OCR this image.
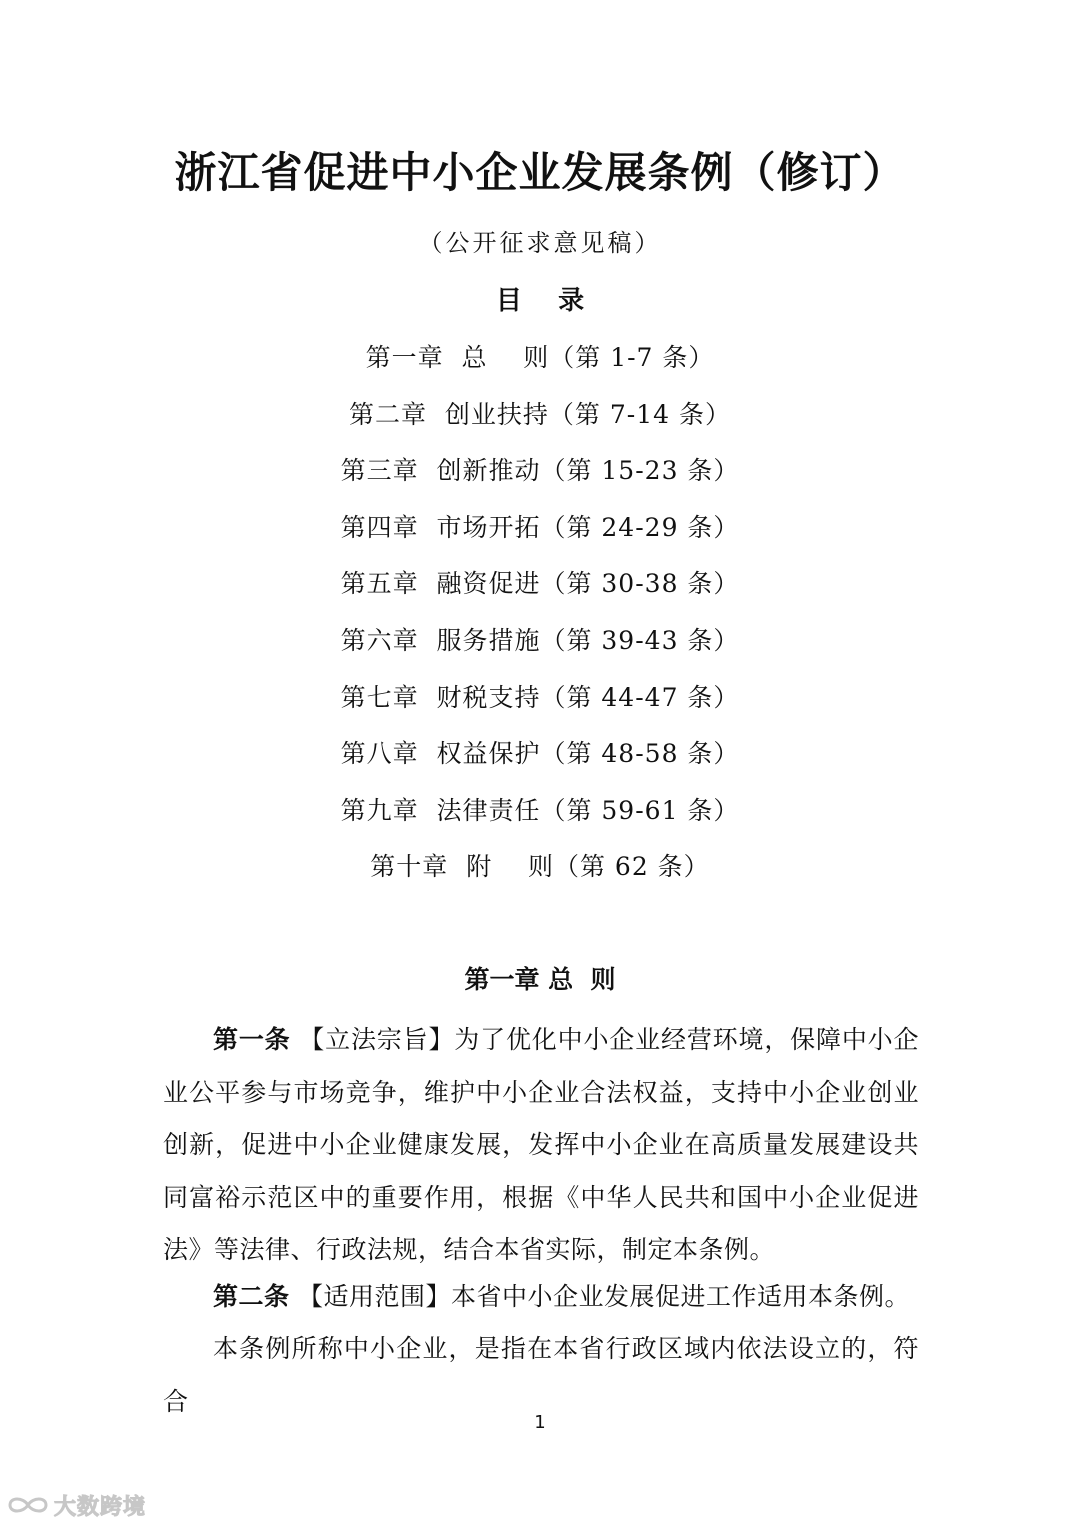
浙江省促进中小企业发展条例（修订）
（公开征求意见稿）
目    录
第一章  总    则（第 1-7 条）
第二章  创业扶持（第 7-14 条）
第三章  创新推动（第 15-23 条）
第四章  市场开拓（第 24-29 条）
第五章  融资促进（第 30-38 条）
第六章  服务措施（第 39-43 条）
第七章  财税支持（第 44-47 条）
第八章  权益保护（第 48-58 条）
第九章  法律责任（第 59-61 条）
第十章  附    则（第 62 条）
第一章 总  则

第一条 【立法宗旨】为了优化中小企业经营环境，保障中小企业公平参与市场竞争，维护中小企业合法权益，支持中小企业创业创新，促进中小企业健康发展，发挥中小企业在高质量发展建设共同富裕示范区中的重要作用，根据《中华人民共和国中小企业促进法》等法律、行政法规，结合本省实际，制定本条例。

第二条 【适用范围】本省中小企业发展促进工作适用本条例。

本条例所称中小企业，是指在本省行政区域内依法设立的，符合

1
大数跨境
